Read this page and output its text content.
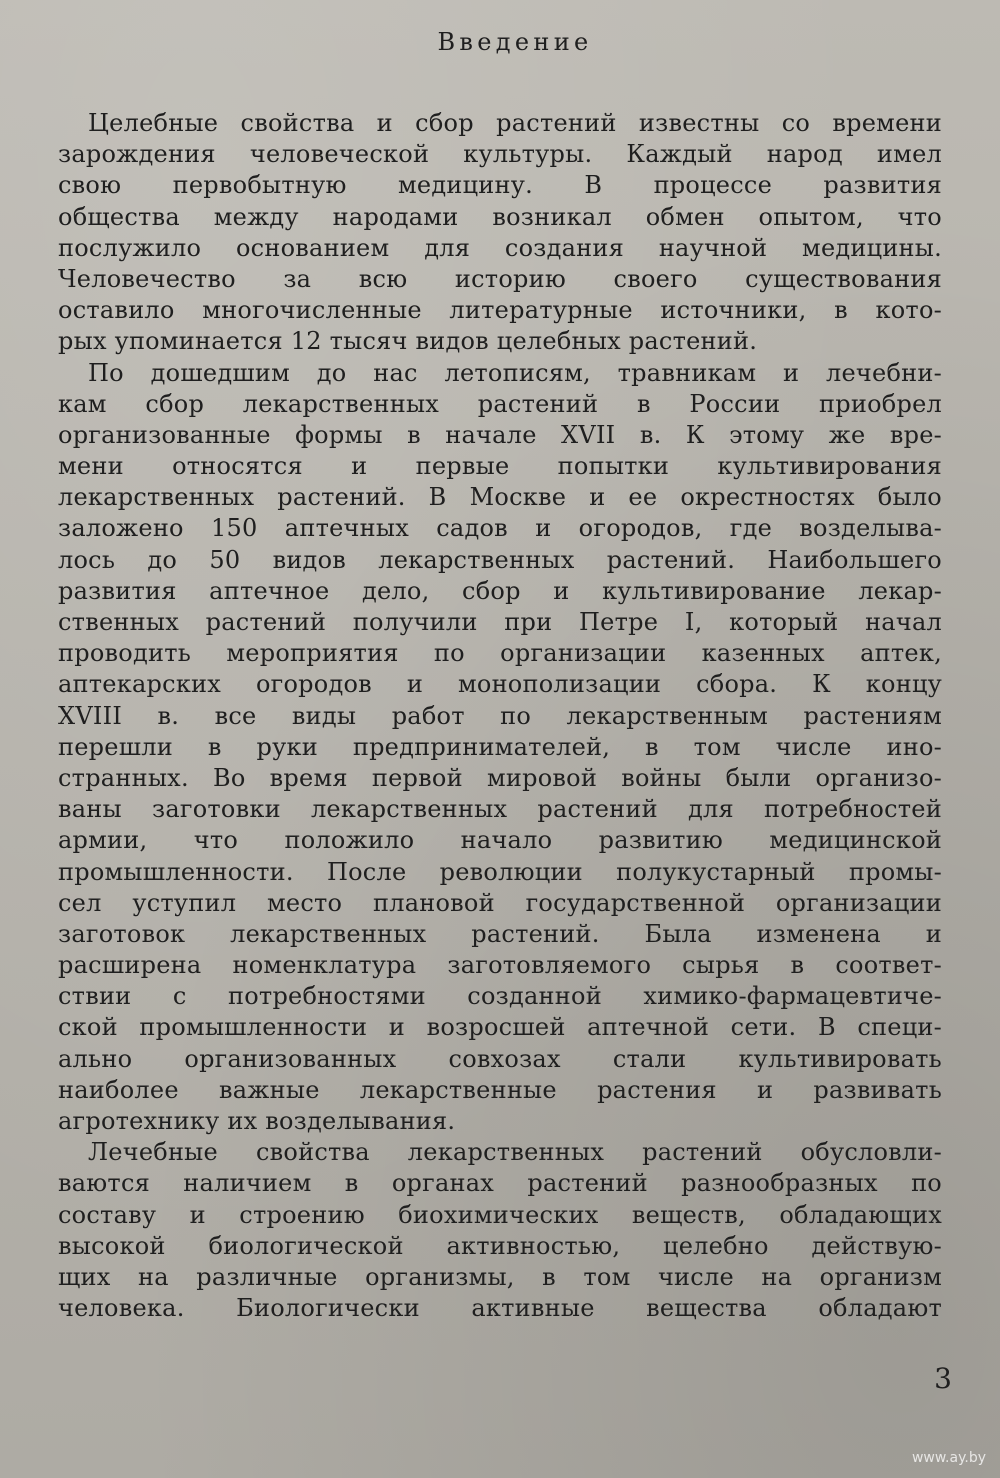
Введение
Целебные свойства и сбор растений известны со времени
зарождения человеческой культуры. Каждый народ имел
свою первобытную медицину. В процессе развития
общества между народами возникал обмен опытом, что
послужило основанием для создания научной медицины.
Человечество за всю историю своего существования
оставило многочисленные литературные источники, в кото-
рых упоминается 12 тысяч видов целебных растений.
По дошедшим до нас летописям, травникам и лечебни-
кам сбор лекарственных растений в России приобрел
организованные формы в начале XVII в. К этому же вре-
мени относятся и первые попытки культивирования
лекарственных растений. В Москве и ее окрестностях было
заложено 150 аптечных садов и огородов, где возделыва-
лось до 50 видов лекарственных растений. Наибольшего
развития аптечное дело, сбор и культивирование лекар-
ственных растений получили при Петре I, который начал
проводить мероприятия по организации казенных аптек,
аптекарских огородов и монополизации сбора. К концу
XVIII в. все виды работ по лекарственным растениям
перешли в руки предпринимателей, в том числе ино-
странных. Во время первой мировой войны были организо-
ваны заготовки лекарственных растений для потребностей
армии, что положило начало развитию медицинской
промышленности. После революции полукустарный промы-
сел уступил место плановой государственной организации
заготовок лекарственных растений. Была изменена и
расширена номенклатура заготовляемого сырья в соответ-
ствии с потребностями созданной химико-фармацевтиче-
ской промышленности и возросшей аптечной сети. В специ-
ально организованных совхозах стали культивировать
наиболее важные лекарственные растения и развивать
агротехнику их возделывания.
Лечебные свойства лекарственных растений обусловли-
ваются наличием в органах растений разнообразных по
составу и строению биохимических веществ, обладающих
высокой биологической активностью, целебно действую-
щих на различные организмы, в том числе на организм
человека. Биологически активные вещества обладают
3
www.ay.by
